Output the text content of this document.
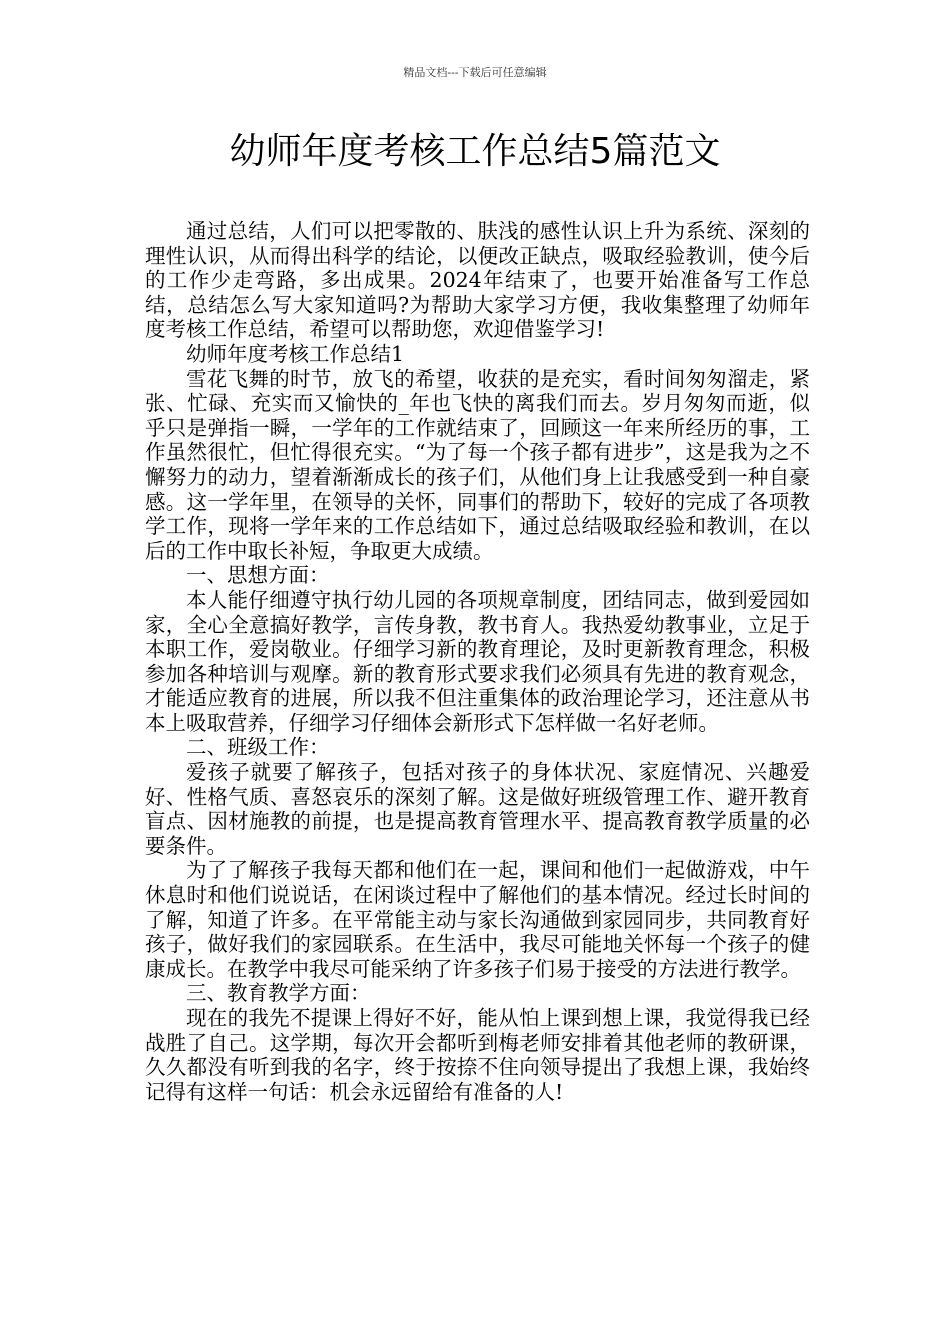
精品文档---下载后可任意编辑
幼师年度考核工作总结5篇范文

通过总结，人们可以把零散的、肤浅的感性认识上升为系统、深刻的理性认识，从而得出科学的结论，以便改正缺点，吸取经验教训，使今后的工作少走弯路，多出成果。2024年结束了，也要开始准备写工作总结，总结怎么写大家知道吗?为帮助大家学习方便，我收集整理了幼师年度考核工作总结，希望可以帮助您，欢迎借鉴学习!

幼师年度考核工作总结1

雪花飞舞的时节，放飞的希望，收获的是充实，看时间匆匆溜走，紧张、忙碌、充实而又愉快的_年也飞快的离我们而去。岁月匆匆而逝，似乎只是弹指一瞬，一学年的工作就结束了，回顾这一年来所经历的事，工作虽然很忙，但忙得很充实。“为了每一个孩子都有进步”，这是我为之不懈努力的动力，望着渐渐成长的孩子们，从他们身上让我感受到一种自豪感。这一学年里，在领导的关怀，同事们的帮助下，较好的完成了各项教学工作，现将一学年来的工作总结如下，通过总结吸取经验和教训，在以后的工作中取长补短，争取更大成绩。

一、思想方面：

本人能仔细遵守执行幼儿园的各项规章制度，团结同志，做到爱园如家，全心全意搞好教学，言传身教，教书育人。我热爱幼教事业，立足于本职工作，爱岗敬业。仔细学习新的教育理论，及时更新教育理念，积极参加各种培训与观摩。新的教育形式要求我们必须具有先进的教育观念，才能适应教育的进展，所以我不但注重集体的政治理论学习，还注意从书本上吸取营养，仔细学习仔细体会新形式下怎样做一名好老师。

二、班级工作：

爱孩子就要了解孩子，包括对孩子的身体状况、家庭情况、兴趣爱好、性格气质、喜怒哀乐的深刻了解。这是做好班级管理工作、避开教育盲点、因材施教的前提，也是提高教育管理水平、提高教育教学质量的必要条件。

为了了解孩子我每天都和他们在一起，课间和他们一起做游戏，中午休息时和他们说说话，在闲谈过程中了解他们的基本情况。经过长时间的了解，知道了许多。在平常能主动与家长沟通做到家园同步，共同教育好孩子，做好我们的家园联系。在生活中，我尽可能地关怀每一个孩子的健康成长。在教学中我尽可能采纳了许多孩子们易于接受的方法进行教学。

三、教育教学方面：

现在的我先不提课上得好不好，能从怕上课到想上课，我觉得我已经战胜了自己。这学期，每次开会都听到梅老师安排着其他老师的教研课，久久都没有听到我的名字，终于按捺不住向领导提出了我想上课，我始终记得有这样一句话：机会永远留给有准备的人!
